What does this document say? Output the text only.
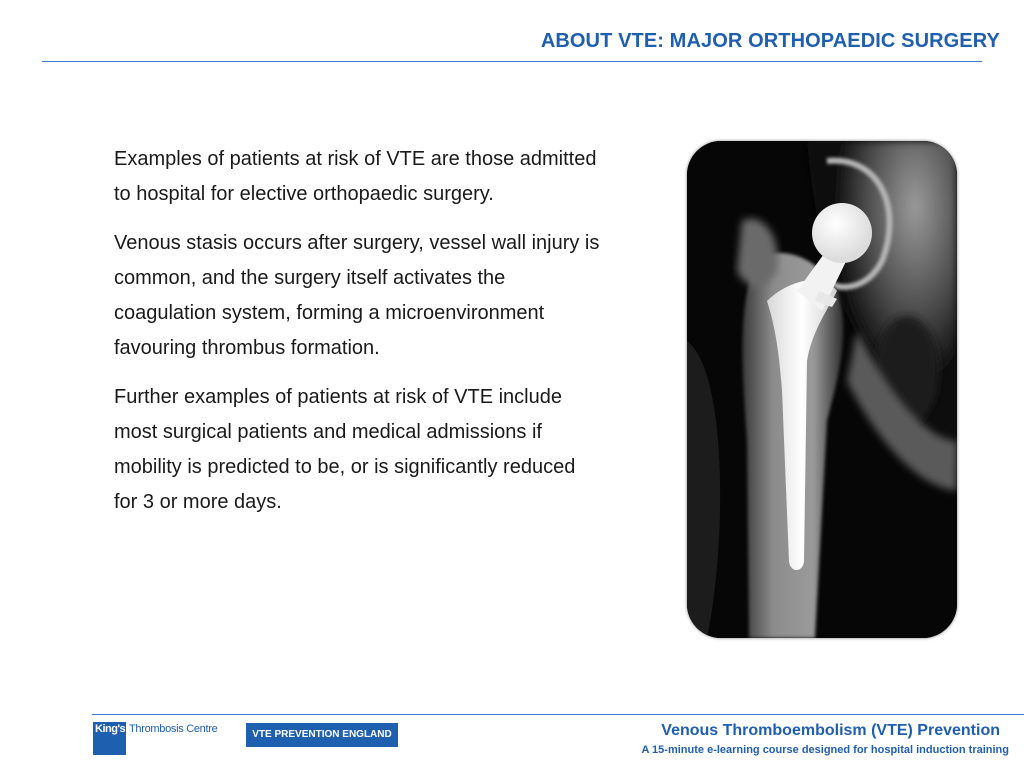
ABOUT VTE: MAJOR ORTHOPAEDIC SURGERY

Examples of patients at risk of VTE are those admitted to hospital for elective orthopaedic surgery.

Venous stasis occurs after surgery, vessel wall injury is common, and the surgery itself activates the coagulation system, forming a microenvironment favouring thrombus formation.

Further examples of patients at risk of VTE include most surgical patients and medical admissions if mobility is predicted to be, or is significantly reduced for 3 or more days.

King's Thrombosis Centre	VTE PREVENTION ENGLAND	Venous Thromboembolism (VTE) Prevention
A 15-minute e-learning course designed for hospital induction training
